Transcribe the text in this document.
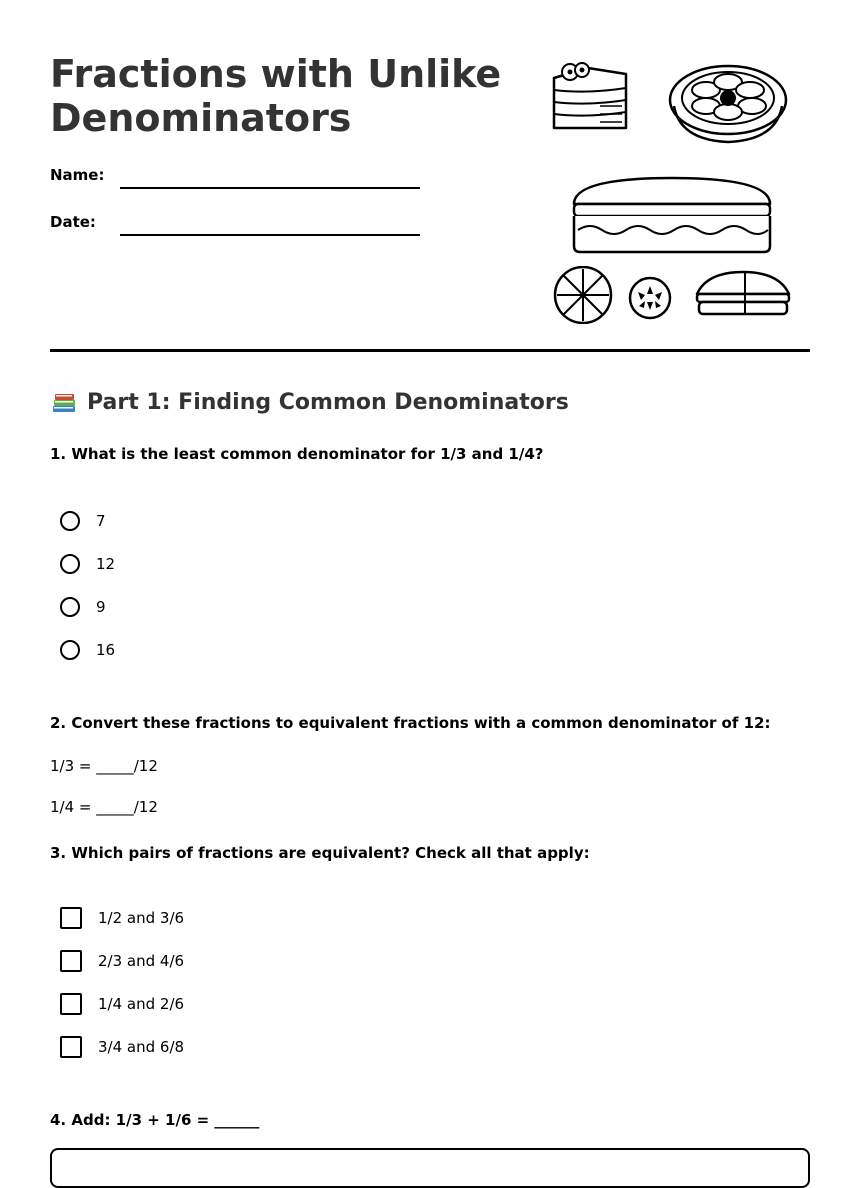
Fractions with Unlike
Denominators
Name:
Date:
Part 1: Finding Common Denominators
1. What is the least common denominator for 1/3 and 1/4?
7
12
9
16
2. Convert these fractions to equivalent fractions with a common denominator of 12:
1/3 = _____/12
1/4 = _____/12
3. Which pairs of fractions are equivalent? Check all that apply:
1/2 and 3/6
2/3 and 4/6
1/4 and 2/6
3/4 and 6/8
4. Add: 1/3 + 1/6 = ______
